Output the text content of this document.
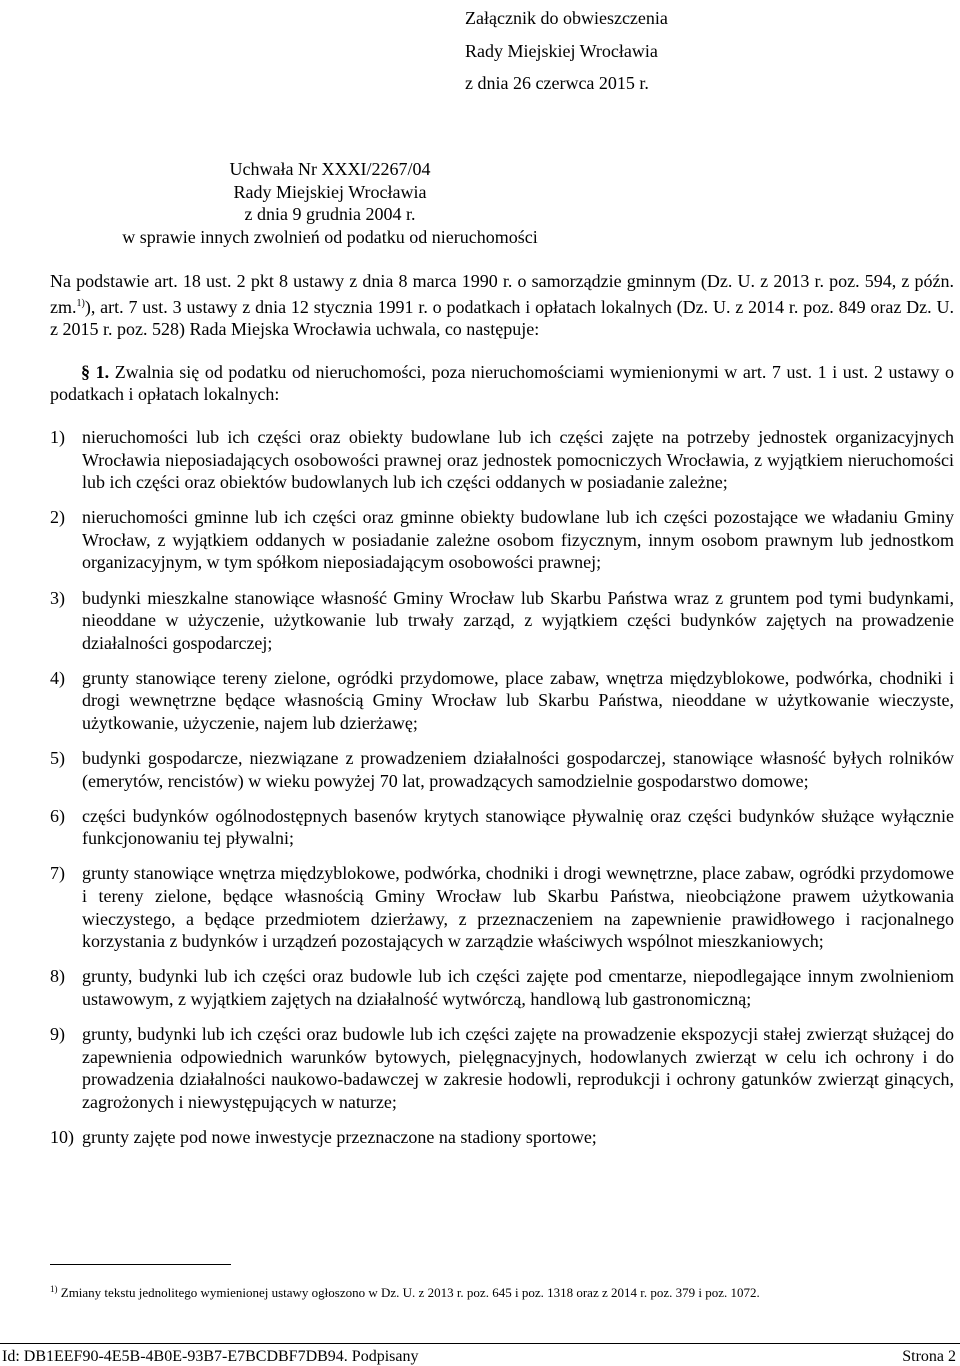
Załącznik do obwieszczenia
Rady Miejskiej Wrocławia
z dnia 26 czerwca 2015 r.
Uchwała Nr XXXI/2267/04
Rady Miejskiej Wrocławia
z dnia 9 grudnia 2004 r.
w sprawie innych zwolnień od podatku od nieruchomości

Na podstawie art. 18 ust. 2 pkt 8 ustawy z dnia 8 marca 1990 r. o samorządzie gminnym (Dz. U. z 2013 r. poz. 594, z późn. zm.$^{1)}$), art. 7 ust. 3 ustawy z dnia 12 stycznia 1991 r. o podatkach i opłatach lokalnych (Dz. U. z 2014 r. poz. 849 oraz Dz. U. z 2015 r. poz. 528) Rada Miejska Wrocławia uchwala, co następuje:

§ 1. Zwalnia się od podatku od nieruchomości, poza nieruchomościami wymienionymi w art. 7 ust. 1 i ust. 2 ustawy o podatkach i opłatach lokalnych:

1) nieruchomości lub ich części oraz obiekty budowlane lub ich części zajęte na potrzeby jednostek organizacyjnych Wrocławia nieposiadających osobowości prawnej oraz jednostek pomocniczych Wrocławia, z wyjątkiem nieruchomości lub ich części oraz obiektów budowlanych lub ich części oddanych w posiadanie zależne;
2) nieruchomości gminne lub ich części oraz gminne obiekty budowlane lub ich części pozostające we władaniu Gminy Wrocław, z wyjątkiem oddanych w posiadanie zależne osobom fizycznym, innym osobom prawnym lub jednostkom organizacyjnym, w tym spółkom nieposiadającym osobowości prawnej;
3) budynki mieszkalne stanowiące własność Gminy Wrocław lub Skarbu Państwa wraz z gruntem pod tymi budynkami, nieoddane w użyczenie, użytkowanie lub trwały zarząd, z wyjątkiem części budynków zajętych na prowadzenie działalności gospodarczej;
4) grunty stanowiące tereny zielone, ogródki przydomowe, place zabaw, wnętrza międzyblokowe, podwórka, chodniki i drogi wewnętrzne będące własnością Gminy Wrocław lub Skarbu Państwa, nieoddane w użytkowanie wieczyste, użytkowanie, użyczenie, najem lub dzierżawę;
5) budynki gospodarcze, niezwiązane z prowadzeniem działalności gospodarczej, stanowiące własność byłych rolników (emerytów, rencistów) w wieku powyżej 70 lat, prowadzących samodzielnie gospodarstwo domowe;
6) części budynków ogólnodostępnych basenów krytych stanowiące pływalnię oraz części budynków służące wyłącznie funkcjonowaniu tej pływalni;
7) grunty stanowiące wnętrza międzyblokowe, podwórka, chodniki i drogi wewnętrzne, place zabaw, ogródki przydomowe i tereny zielone, będące własnością Gminy Wrocław lub Skarbu Państwa, nieobciążone prawem użytkowania wieczystego, a będące przedmiotem dzierżawy, z przeznaczeniem na zapewnienie prawidłowego i racjonalnego korzystania z budynków i urządzeń pozostających w zarządzie właściwych wspólnot mieszkaniowych;
8) grunty, budynki lub ich części oraz budowle lub ich części zajęte pod cmentarze, niepodlegające innym zwolnieniom ustawowym, z wyjątkiem zajętych na działalność wytwórczą, handlową lub gastronomiczną;
9) grunty, budynki lub ich części oraz budowle lub ich części zajęte na prowadzenie ekspozycji stałej zwierząt służącej do zapewnienia odpowiednich warunków bytowych, pielęgnacyjnych, hodowlanych zwierząt w celu ich ochrony i do prowadzenia działalności naukowo-badawczej w zakresie hodowli, reprodukcji i ochrony gatunków zwierząt ginących, zagrożonych i niewystępujących w naturze;
10) grunty zajęte pod nowe inwestycje przeznaczone na stadiony sportowe;
$^{1)}$ Zmiany tekstu jednolitego wymienionej ustawy ogłoszono w Dz. U. z 2013 r. poz. 645 i poz. 1318 oraz z 2014 r. poz. 379 i poz. 1072.
Id: DB1EEF90-4E5B-4B0E-93B7-E7BCDBF7DB94. Podpisany	Strona 2
